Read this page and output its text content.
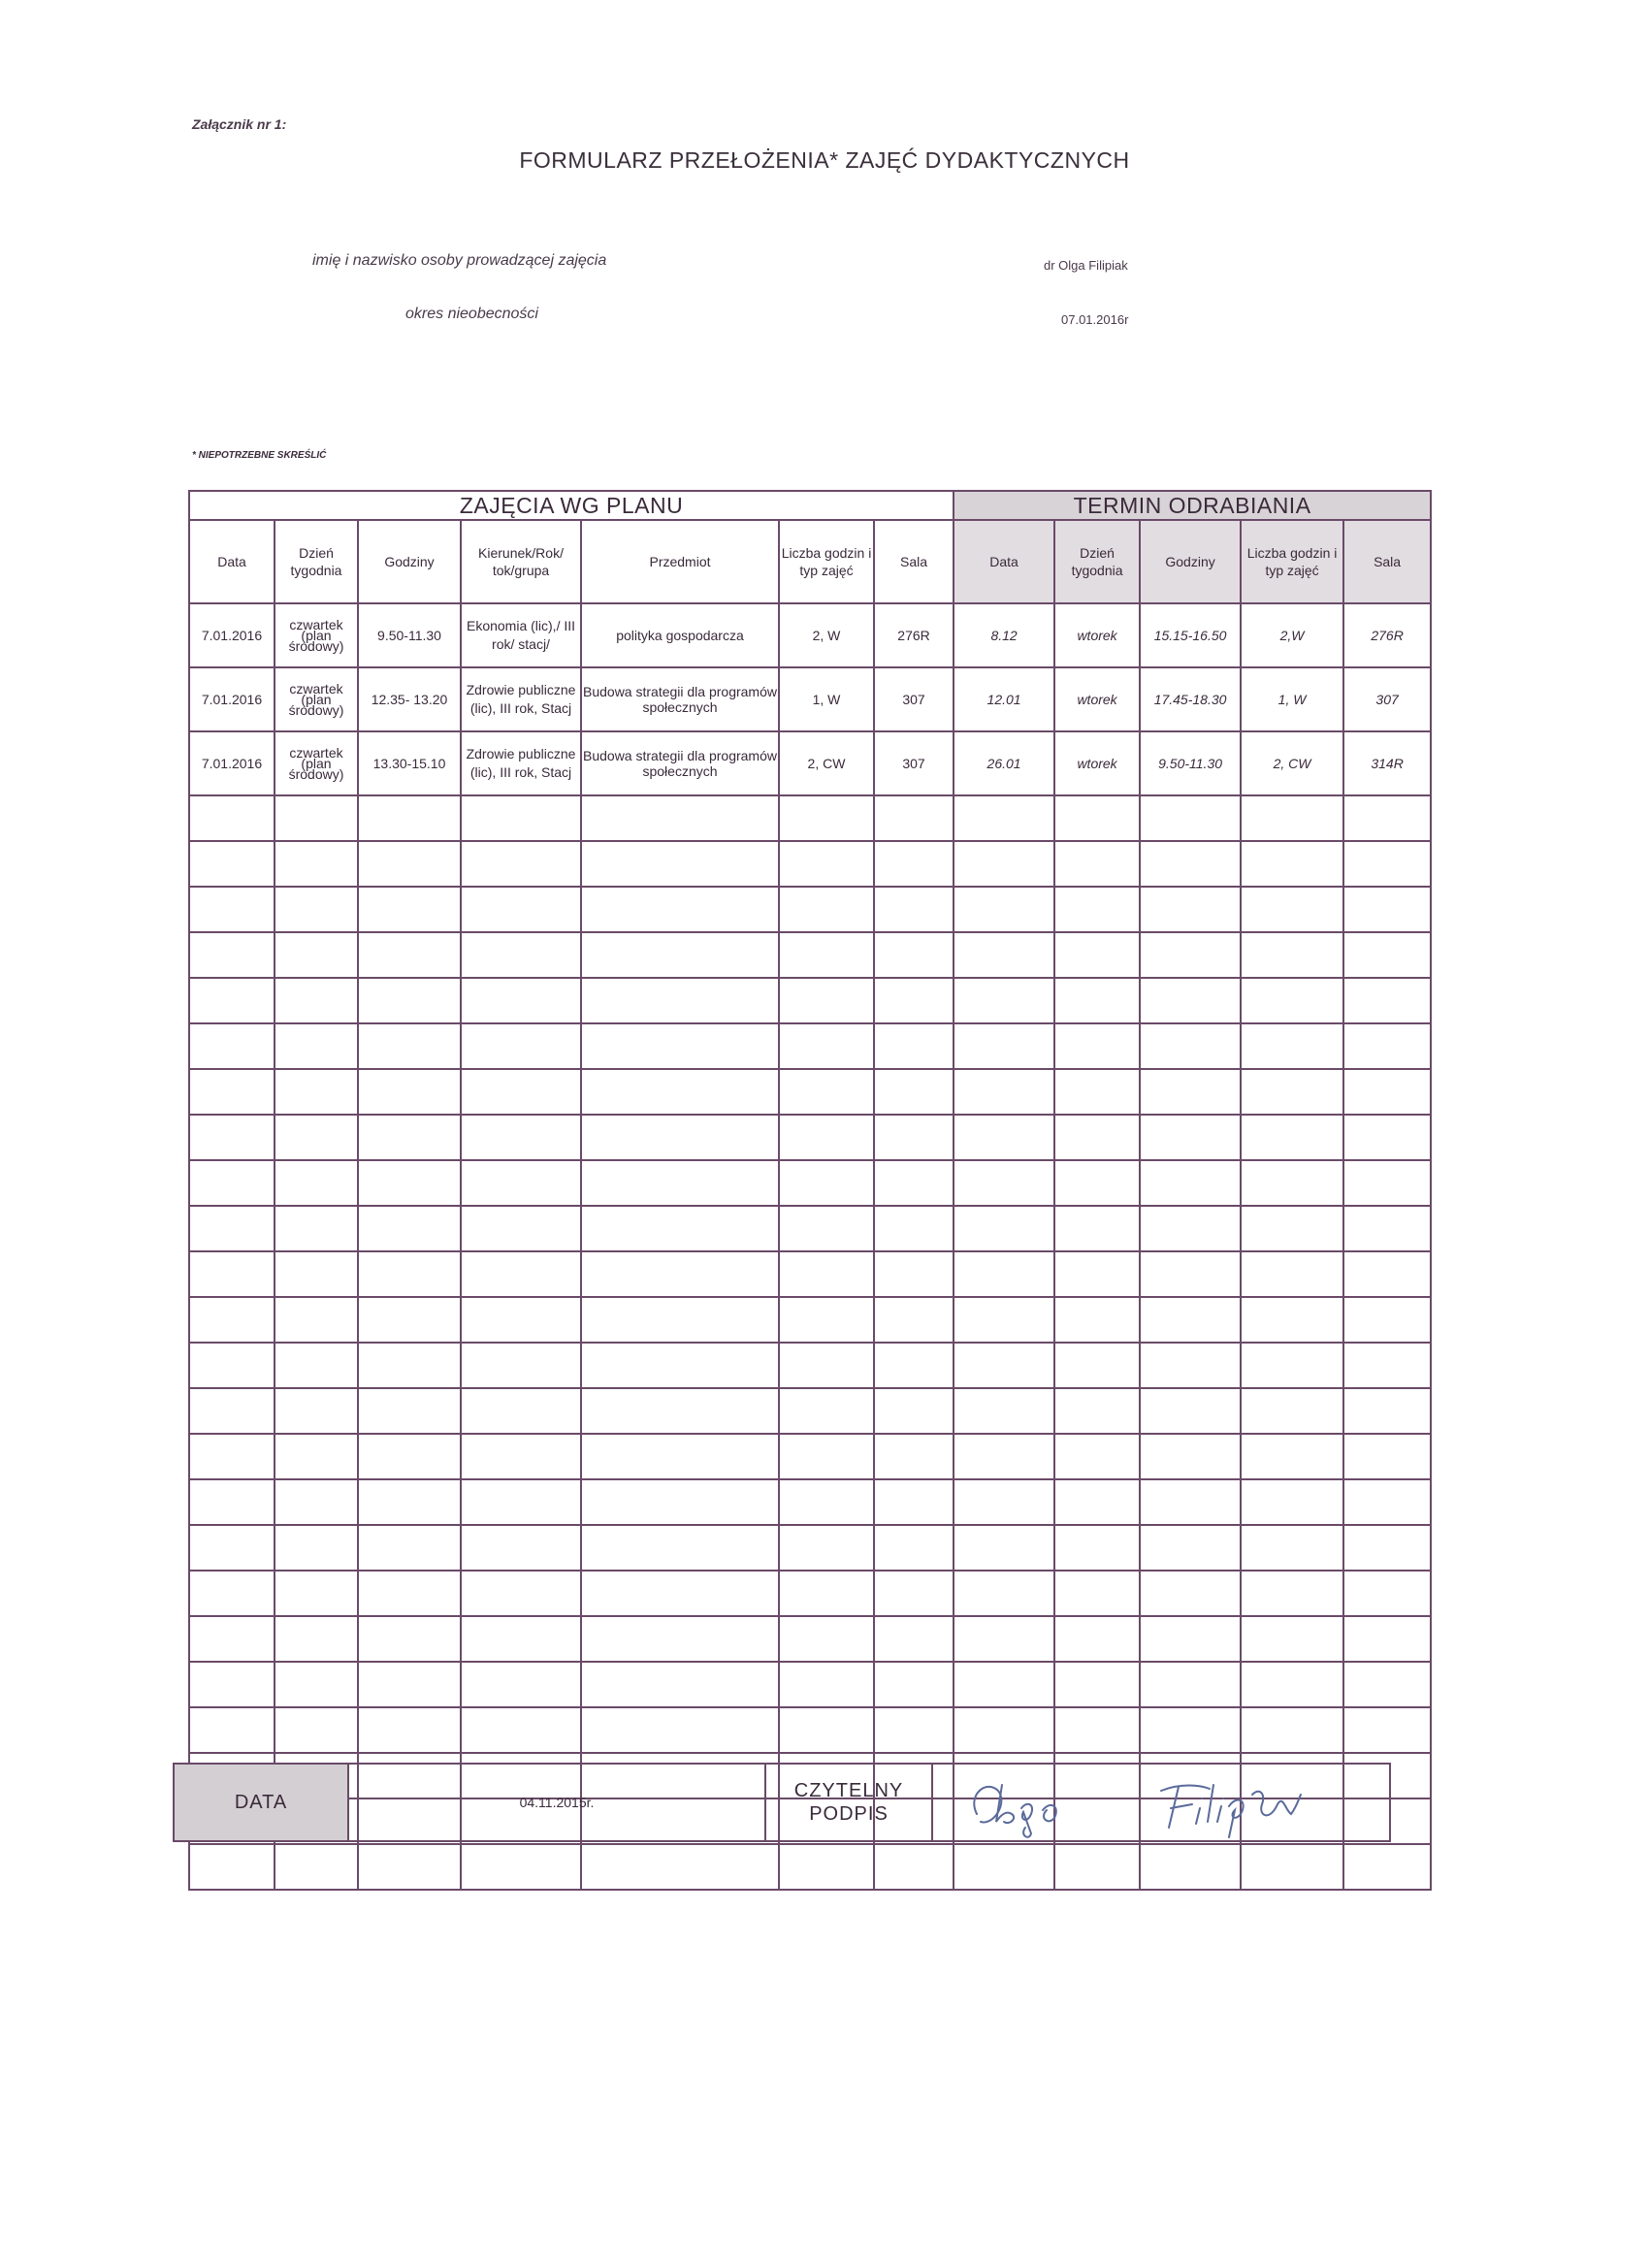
Załącznik nr 1:
FORMULARZ PRZEŁOŻENIA* ZAJĘĆ DYDAKTYCZNYCH
imię i nazwisko osoby prowadzącej zajęcia	dr Olga Filipiak
okres nieobecności	07.01.2016r
* NIEPOTRZEBNE SKREŚLIĆ
ZAJĘCIA WG PLANU							TERMIN ODRABIANIA				
Data	Dzień tygodnia	Godziny	Kierunek/Rok/ tok/grupa	Przedmiot	Liczba godzin i typ zajęć	Sala	Data	Dzień tygodnia	Godziny	Liczba godzin i typ zajęć	Sala
7.01.2016	czwartek (plan środowy)	9.50-11.30	Ekonomia (lic),/ III rok/ stacj/	polityka gospodarcza	2, W	276R	8.12	wtorek	15.15-16.50	2,W	276R
7.01.2016	czwartek (plan środowy)	12.35- 13.20	Zdrowie publiczne (lic), III rok, Stacj	Budowa strategii dla programów społecznych	1, W	307	12.01	wtorek	17.45-18.30	1, W	307
7.01.2016	czwartek (plan środowy)	13.30-15.10	Zdrowie publiczne (lic), III rok, Stacj	Budowa strategii dla programów społecznych	2, CW	307	26.01	wtorek	9.50-11.30	2, CW	314R

DATA	04.11.2015r.
CZYTELNY PODPIS
